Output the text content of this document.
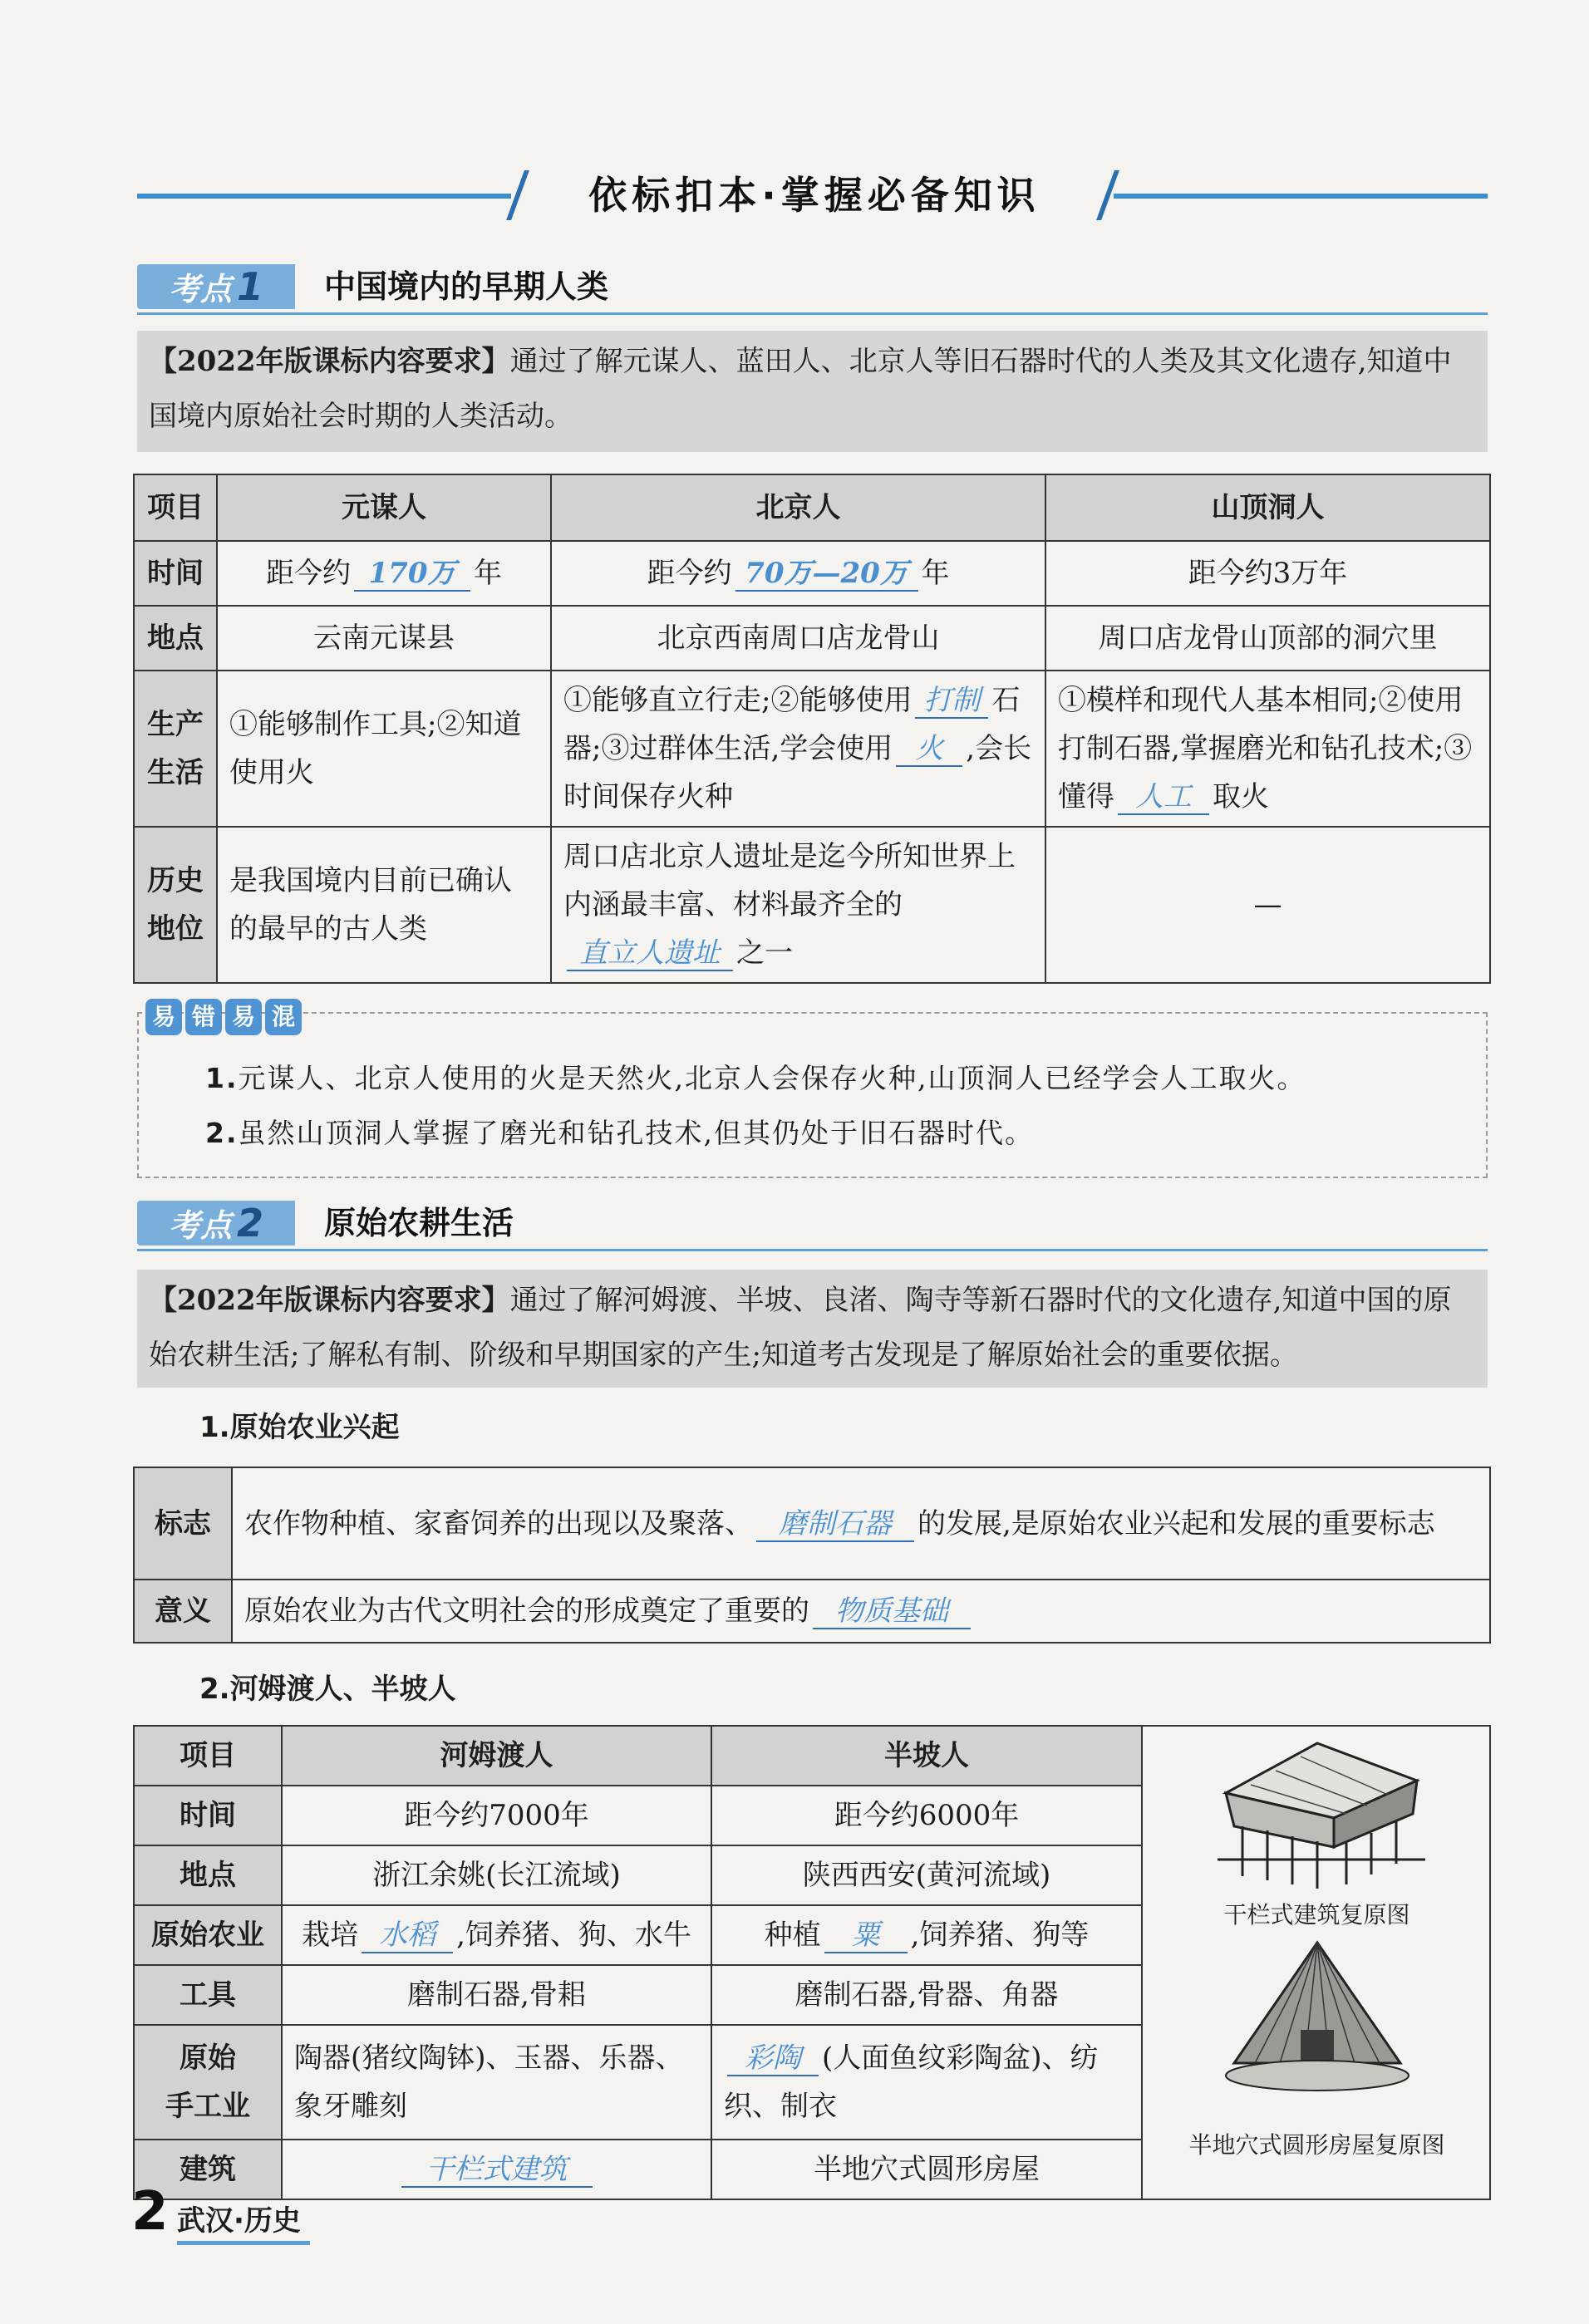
依标扣本·掌握必备知识
考点 1	中国境内的早期人类
【2022年版课标内容要求】通过了解元谋人、蓝田人、北京人等旧石器时代的人类及其文化遗存,知道中国境内原始社会时期的人类活动。
项目	元谋人	北京人	山顶洞人
时间	距今约 170万 年	距今约 70万—20万 年	距今约3万年
地点	云南元谋县	北京西南周口店龙骨山	周口店龙骨山顶部的洞穴里
生产
生活	①能够制作工具;②知道使用火	①能够直立行走;②能够使用 打制 石器;③过群体生活,学会使用 火 ,会长时间保存火种	①模样和现代人基本相同;②使用打制石器,掌握磨光和钻孔技术;③懂得 人工 取火
历史
地位	是我国境内目前已确认的最早的古人类	周口店北京人遗址是迄今所知世界上内涵最丰富、材料最齐全的直立人遗址 之一	—
易 错 易 混
1.元谋人、北京人使用的火是天然火,北京人会保存火种,山顶洞人已经学会人工取火。
2.虽然山顶洞人掌握了磨光和钻孔技术,但其仍处于旧石器时代。
考点 2	原始农耕生活
【2022年版课标内容要求】通过了解河姆渡、半坡、良渚、陶寺等新石器时代的文化遗存,知道中国的原始农耕生活;了解私有制、阶级和早期国家的产生;知道考古发现是了解原始社会的重要依据。
1.原始农业兴起
标志	农作物种植、家畜饲养的出现以及聚落、 磨制石器 的发展,是原始农业兴起和发展的重要标志
意义	原始农业为古代文明社会的形成奠定了重要的 物质基础
2.河姆渡人、半坡人
项目	河姆渡人	半坡人	干栏式建筑复原图
半地穴式圆形房屋复原图

时间	距今约7000年	距今约6000年	
地点	浙江余姚(长江流域)	陕西西安(黄河流域)	
原始农业	栽培 水稻 ,饲养猪、狗、水牛	种植 粟 ,饲养猪、狗等	
工具	磨制石器,骨耜	磨制石器,骨器、角器	
原始
手工业	陶器(猪纹陶钵)、玉器、乐器、象牙雕刻	彩陶 (人面鱼纹彩陶盆)、纺织、制衣	
建筑	干栏式建筑	半地穴式圆形房屋	
2 武汉·历史
